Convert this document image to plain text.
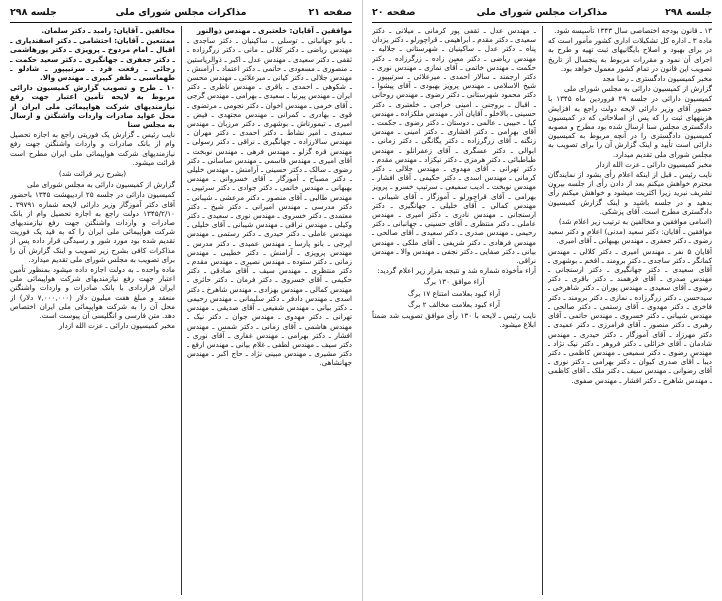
صفحه ۲۱
مذاکرات مجلس شورای ملی
جلسه ۲۹۸

موافقین ـ آقایان: خلعتبری ـ مهندس ذوالنور

ـ بانو جهانبانی ـ توسلی ـ ساکینیان ـ دکتر ساجدی ـ مهندس ریاضی ـ دکتر کلالی ـ مانی ـ دکتر زرگرزاده ـ ثقفی ـ دکتر سعیدی ـ مهندس عدل ـ اکبر ـ ذوالریاستین ـ منصوری ـ مسعودی ـ حاتمی ـ دکتر اعتماد ـ آرامنش ـ مهندس جلالی ـ دکتر کیانی ـ میرعلائی ـ مهندس محسن ـ شکوهی ـ احمدی ـ باقری ـ مهندس ناظری ـ دکتر ایران ـ مهندس پیرنیا ـ سعیدی ـ بهرامی ـ مهندس گرجی ـ آقای خرمی ـ مهندس اخوان ـ دکتر نجومی ـ مرتضوی ـ قوی ـ بهادری ـ کمرانی ـ مهندس مجتهدی ـ فیض ـ امیری ـ تیمورتاش ـ بوشهری ـ دکتر مرزبان ـ مهندس سعیدی ـ امیر نشاط ـ دکتر احمدی ـ دکتر مهران ـ مهندس سالارزاده ـ جهانگیری ـ نراقی ـ دکتر رسولی ـ مهندس قره گزلو ـ مهندس فرهی ـ مهندس نوبخت ـ آقای امیری ـ مهندس قاسمی ـ مهندس ساسانی ـ دکتر رضوی ـ سالک ـ دکتر حسینی ـ آرامنش ـ مهندس خلیلی ـ دکتر مصباح ـ آموزگار ـ آقای خسروانی ـ مهندس بهبهانی ـ مهندس خاتمی ـ دکتر جوادی ـ دکتر سرتیپی ـ مهندس طالبی ـ آقای منصور ـ دکتر مرعشی ـ شیبانی ـ دکتر مدرسی ـ مهندس امیرانی ـ دکتر شیخ ـ دکتر معتمدی ـ دکتر خسروی ـ مهندس نوری ـ سعیدی ـ دکتر وکیلی ـ مهندس نراقی ـ مهندس شیبانی ـ آقای خلیلی ـ مهندس عاملی ـ دکتر حیدری ـ دکتر رستمی ـ مهندس ایرجی ـ بانو پارسا ـ مهندس عمیدی ـ دکتر مدرس ـ مهندس پرویزی ـ آرامنش ـ دکتر خطیبی ـ مهندس زمانی ـ دکتر ستوده ـ مهندس نصیری ـ مهندس مقدم ـ دکتر منتظری ـ مهندس سیف ـ آقای صادقی ـ دکتر حکیمی ـ آقای خسروی ـ دکتر فرمان ـ دکتر حائری ـ مهندس کمالی ـ مهندس بهزادی ـ مهندس شاهرخ ـ دکتر اسدی ـ مهندس دادفر ـ دکتر سلیمانی ـ مهندس رحیمی ـ دکتر بیانی ـ مهندس شفیعی ـ آقای صدیقی ـ مهندس تهرانی ـ دکتر مهدوی ـ مهندس جوان ـ دکتر نیک ـ مهندس هاشمی ـ آقای زمانی ـ دکتر شمس ـ مهندس افشار ـ دکتر بهرامی ـ مهندس غفاری ـ آقای نوری ـ دکتر سیف ـ مهندس لطفی ـ غلام بیانی ـ مهندس ارفع ـ دکتر مشیری ـ مهندس مبینی نژاد ـ حاج اکبر ـ مهندس جهانشاهی.

مخالفین ـ آقایان: رامبد ـ دکتر سلمان.

ممتنعین ـ آقایان: احتشامی ـ دکتر اسفندیاری ـ اقبال ـ امام مردوخ ـ پرویزی ـ دکتر پورهاشمی ـ دکتر جعفری ـ جهانگیری ـ دکتر سعید حکمت ـ رجائی ـ رفعت فرد ـ سرتیپپور ـ شادلو ـ طهماسبی ـ ظفر کبیری ـ مهندس والا.

۱۰ ـ طرح و تصویب گزارش کمیسیون دارائی مربوط به لایحه تأمین اعتبار جهت رفع نیازمندیهای شرکت هواپیمائی ملی ایران از محل عواید صادرات واردات واشنگتن و ارسال به مجلس سنا

نایب رئیس ـ گزارش یک فوریتی راجع به اجازه تحصیل وام از بانک صادرات و واردات واشنگتن جهت رفع نیازمندیهای شرکت هواپیمائی ملی ایران مطرح است قرائت میشود.

(بشرح زیر قرائت شد)

گزارش از کمیسیون دارائی به مجلس شورای ملی

کمیسیون دارائی در جلسه ۲۵ اردیبهشت ۱۳۴۵ باحضور آقای دکتر آموزگار وزیر دارائی لایحه شماره ۳۹۷۹۱ ـ ۱۳۴۵/۲/۱۰ دولت راجع به اجازه تحصیل وام از بانک صادرات و واردات واشنگتن جهت رفع نیازمندیهای شرکت هواپیمائی ملی ایران را که به قید یک فوریت تقدیم شده بود مورد شور و رسیدگی قرار داده پس از مذاکرات کافی بشرح زیر تصویب و اینک گزارش آن را برای تصویب به مجلس شورای ملی تقدیم میدارد.

ماده واحده ـ به دولت اجازه داده میشود بمنظور تأمین اعتبار جهت رفع نیازمندیهای شرکت هواپیمائی ملی ایران قراردادی با بانک صادرات و واردات واشنگتن منعقد و مبلغ هفت میلیون دلار (۷,۰۰۰,۰۰۰ دلار) از محل آن را به شرکت هواپیمائی ملی ایران اختصاص دهد. متن فارسی و انگلیسی آن پیوست است.

مخبر کمیسیون دارائی ـ عزت الله ازدار

جلسه ۲۹۸
مذاکرات مجلس شورای ملی
صفحه ۲۰

۱۳ ـ قانون بودجه اختصاصی سال ۱۳۴۳ تأسیسه شود.

ماده ۳ ـ اداره کل تشکیلات اداری کشور مأمور است که در برای بهبود و اصلاح بایگانیهای ثبت تهیه و طرح به اجرای آن نمود و مقررات مربوط به پنجسال از تاریخ تصویب این قانون در تمام کشور معمول خواهد بود.

مخبر کمیسیون دادگستری ـ رضا مجد

گزارش از کمیسیون دارائی به مجلس شورای ملی

کمیسیون دارائی در جلسه ۲۹ فروردین ماه ۱۳۴۵ با حضور آقای وزیر دارائی لایحه دولت راجع به افزایش هزینههای ثبت را که پس از اصلاحاتی که در کمیسیون دادگستری مجلس سنا ارسال شده بود مطرح و مصوبه کمیسیون دادگستری را در آنچه مربوط به کمیسیون دارائی است تأیید و اینک گزارش آن را برای تصویب به مجلس شورای ملی تقدیم میدارد.

مخبر کمیسیون دارائی ـ عزت الله ازدار

نایب رئیس ـ قبل از اینکه اعلام رأی بشود از نمایندگان محترم خواهش میکنم بعد از دادن رأی از جلسه بیرون تشریف نبرید زیرا اکثریت میشود و خواهش میکنم رأی بدهید و در جلسه باشید و اینک گزارش کمیسیون دادگستری مطرح است. آقای پزشکی.

(اسامی موافقین و مخالفین به ترتیب زیر اعلام شد)

موافقین ـ آقایان: دکتر سعید (مدنی) اعلام و دکتر سعید رضوی ـ دکتر جعفری ـ مهندس بهبهانی ـ آقای امیری.

آقایان ۵ نفر ـ مهندس امیری ـ دکتر کلالی ـ مهندس کمانگر ـ دکتر ساجدی ـ دکتر برومند ـ افخم ـ بوشهری ـ آقای سعیدی ـ دکتر جهانگیری ـ دکتر ارسنجانی ـ مهندس صدری ـ آقای فرهمند ـ دکتر باقری ـ دکتر رضوی ـ آقای سعیدی ـ مهندس پوران ـ دکتر شاهرخی ـ سیدحسن ـ دکتر زرگرزاده ـ نمازی ـ دکتر برومند ـ دکتر فاخری ـ دکتر مهدوی ـ آقای رستمی ـ دکتر صالحی ـ مهندس شیبانی ـ دکتر خسروی ـ مهندس حاتمی ـ آقای رهبری ـ دکتر منصور ـ آقای فرامرزی ـ دکتر عمیدی ـ دکتر مهرزاد ـ آقای آموزگار ـ دکتر حیدری ـ مهندس شادمان ـ آقای خزائلی ـ دکتر فروهر ـ دکتر نیک نژاد ـ مهندس رضوی ـ دکتر سمیعی ـ مهندس کاظمی ـ دکتر دیبا ـ آقای صدری کیوان ـ دکتر بهرامی ـ دکتر نوری ـ آقای رضوانی ـ مهندس سیف ـ دکتر ملک ـ آقای کاظمی ـ مهندس شاهرخ ـ دکتر افشار ـ مهندس صفوی.

ـ مهندس عدل ـ ثقفی پور کرمانی ـ میلانی ـ دکتر سعیدی ـ دکتر مقدم ـ ابراهیمی ـ قراچورلو ـ دکتر یزدان پناه ـ دکتر عدل ـ ساکینیان ـ شهرستانی ـ جلالیه ـ مهندس ریاضی ـ دکتر معین زاده ـ زرگرزاده ـ دکتر حکمت ـ مهندس خاتمی ـ آقای نمازی ـ مهندس نوری ـ دکتر ارجمند ـ سالار احمدی ـ میرعلائی ـ سرتیپپور ـ شیخ الاسلامی ـ مهندس پرویز بهبودی ـ آقای پیشوا ـ دکتر محمود شهرستانی ـ دکتر رضوی ـ مهندس روحانی ـ اقبال ـ بروجنی ـ امینی خراجی ـ خلعتبری ـ دکتر حسینی ـ بالاخلو ـ آقایان آذر ـ مهندس ملکزاده ـ مهندس کیا ـ حبیبی ـ عالمی ـ دوستان ـ دکتر رضوی ـ حکمت ـ آقای بهرامی ـ دکتر افشاری ـ دکتر امینی ـ مهندس زنگنه ـ آقای زرگرزاده ـ دکتر یگانگی ـ دکتر زمانی ـ ابوالی ـ دکتر عسگری ـ آقای زعفرانلو ـ مهندس طباطبائی ـ دکتر هرمزی ـ دکتر نیکزاد ـ مهندس مقدم ـ دکتر تهرانی ـ آقای مهدوی ـ مهندس جلالی ـ دکتر کرمانی ـ مهندس اسدی ـ دکتر حکیمی ـ آقای افشار ـ مهندس نوبخت ـ ادیب سمیعی ـ سرتیپ خسرو ـ پرویز بهرامی ـ آقای قراچورلو ـ آموزگار ـ آقای شیبانی ـ مهندس کمالی ـ آقای خلیلی ـ جهانگیری ـ دکتر ارسنجانی ـ مهندس نادری ـ دکتر امیری ـ مهندس عاملی ـ دکتر منتظری ـ آقای حسینی ـ جهانبانی ـ دکتر رحیمی ـ مهندس صدری ـ دکتر سعیدی ـ آقای صالحی ـ مهندس فرهادی ـ دکتر شریفی ـ آقای ملکی ـ مهندس بیانی ـ دکتر صفایی ـ دکتر نجفی ـ مهندس والا ـ مهندس نراقی.

آراء مأخوذه شماره شد و نتیجه بقرار زیر اعلام گردید:

آراء موافق ۱۳۰ برگ

آراء کبود بعلامت امتناع ۱۷ برگ

آراء کبود بعلامت مخالف ۲ برگ

نایب رئیس ـ لایحه با ۱۳۰ رأی موافق تصویب شد ضمناً ابلاغ میشود.
